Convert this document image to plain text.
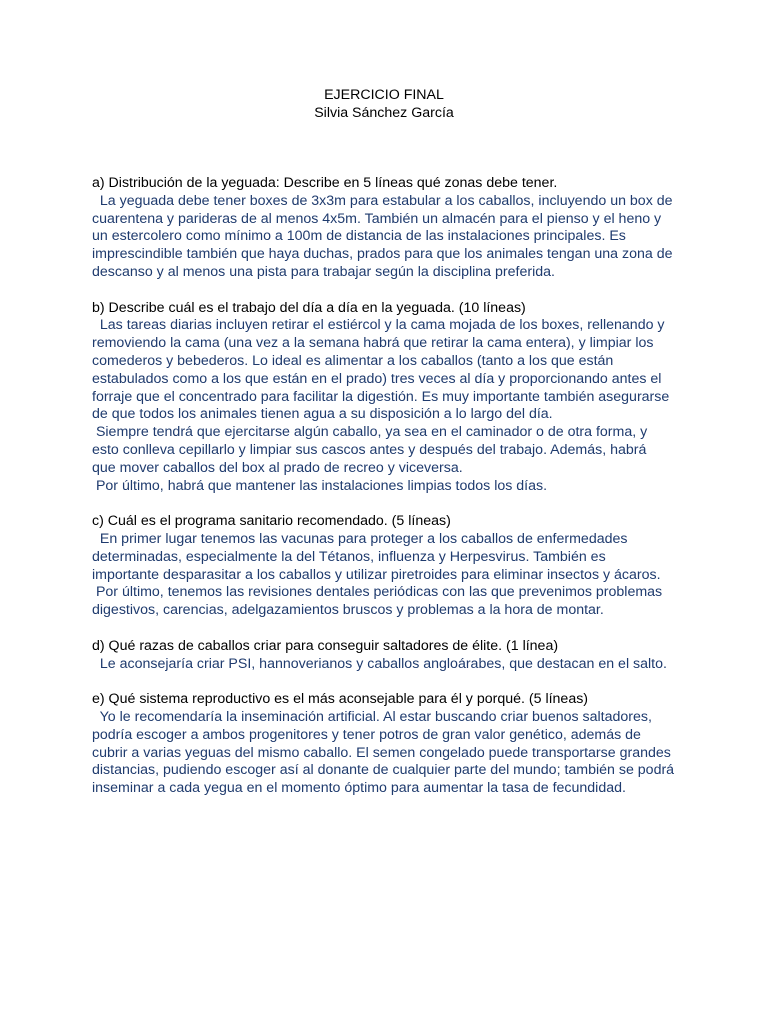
EJERCICIO FINAL
Silvia Sánchez García
a) Distribución de la yeguada: Describe en 5 líneas qué zonas debe tener.
La yeguada debe tener boxes de 3x3m para estabular a los caballos, incluyendo un box de
cuarentena y parideras de al menos 4x5m. También un almacén para el pienso y el heno y
un estercolero como mínimo a 100m de distancia de las instalaciones principales. Es
imprescindible también que haya duchas, prados para que los animales tengan una zona de
descanso y al menos una pista para trabajar según la disciplina preferida.
b) Describe cuál es el trabajo del día a día en la yeguada. (10 líneas)
Las tareas diarias incluyen retirar el estiércol y la cama mojada de los boxes, rellenando y
removiendo la cama (una vez a la semana habrá que retirar la cama entera), y limpiar los
comederos y bebederos. Lo ideal es alimentar a los caballos (tanto a los que están
estabulados como a los que están en el prado) tres veces al día y proporcionando antes el
forraje que el concentrado para facilitar la digestión. Es muy importante también asegurarse
de que todos los animales tienen agua a su disposición a lo largo del día.
Siempre tendrá que ejercitarse algún caballo, ya sea en el caminador o de otra forma, y
esto conlleva cepillarlo y limpiar sus cascos antes y después del trabajo. Además, habrá
que mover caballos del box al prado de recreo y viceversa.
Por último, habrá que mantener las instalaciones limpias todos los días.
c) Cuál es el programa sanitario recomendado. (5 líneas)
En primer lugar tenemos las vacunas para proteger a los caballos de enfermedades
determinadas, especialmente la del Tétanos, influenza y Herpesvirus. También es
importante desparasitar a los caballos y utilizar piretroides para eliminar insectos y ácaros.
Por último, tenemos las revisiones dentales periódicas con las que prevenimos problemas
digestivos, carencias, adelgazamientos bruscos y problemas a la hora de montar.
d) Qué razas de caballos criar para conseguir saltadores de élite. (1 línea)
Le aconsejaría criar PSI, hannoverianos y caballos angloárabes, que destacan en el salto.
e) Qué sistema reproductivo es el más aconsejable para él y porqué. (5 líneas)
Yo le recomendaría la inseminación artificial. Al estar buscando criar buenos saltadores,
podría escoger a ambos progenitores y tener potros de gran valor genético, además de
cubrir a varias yeguas del mismo caballo. El semen congelado puede transportarse grandes
distancias, pudiendo escoger así al donante de cualquier parte del mundo; también se podrá
inseminar a cada yegua en el momento óptimo para aumentar la tasa de fecundidad.
